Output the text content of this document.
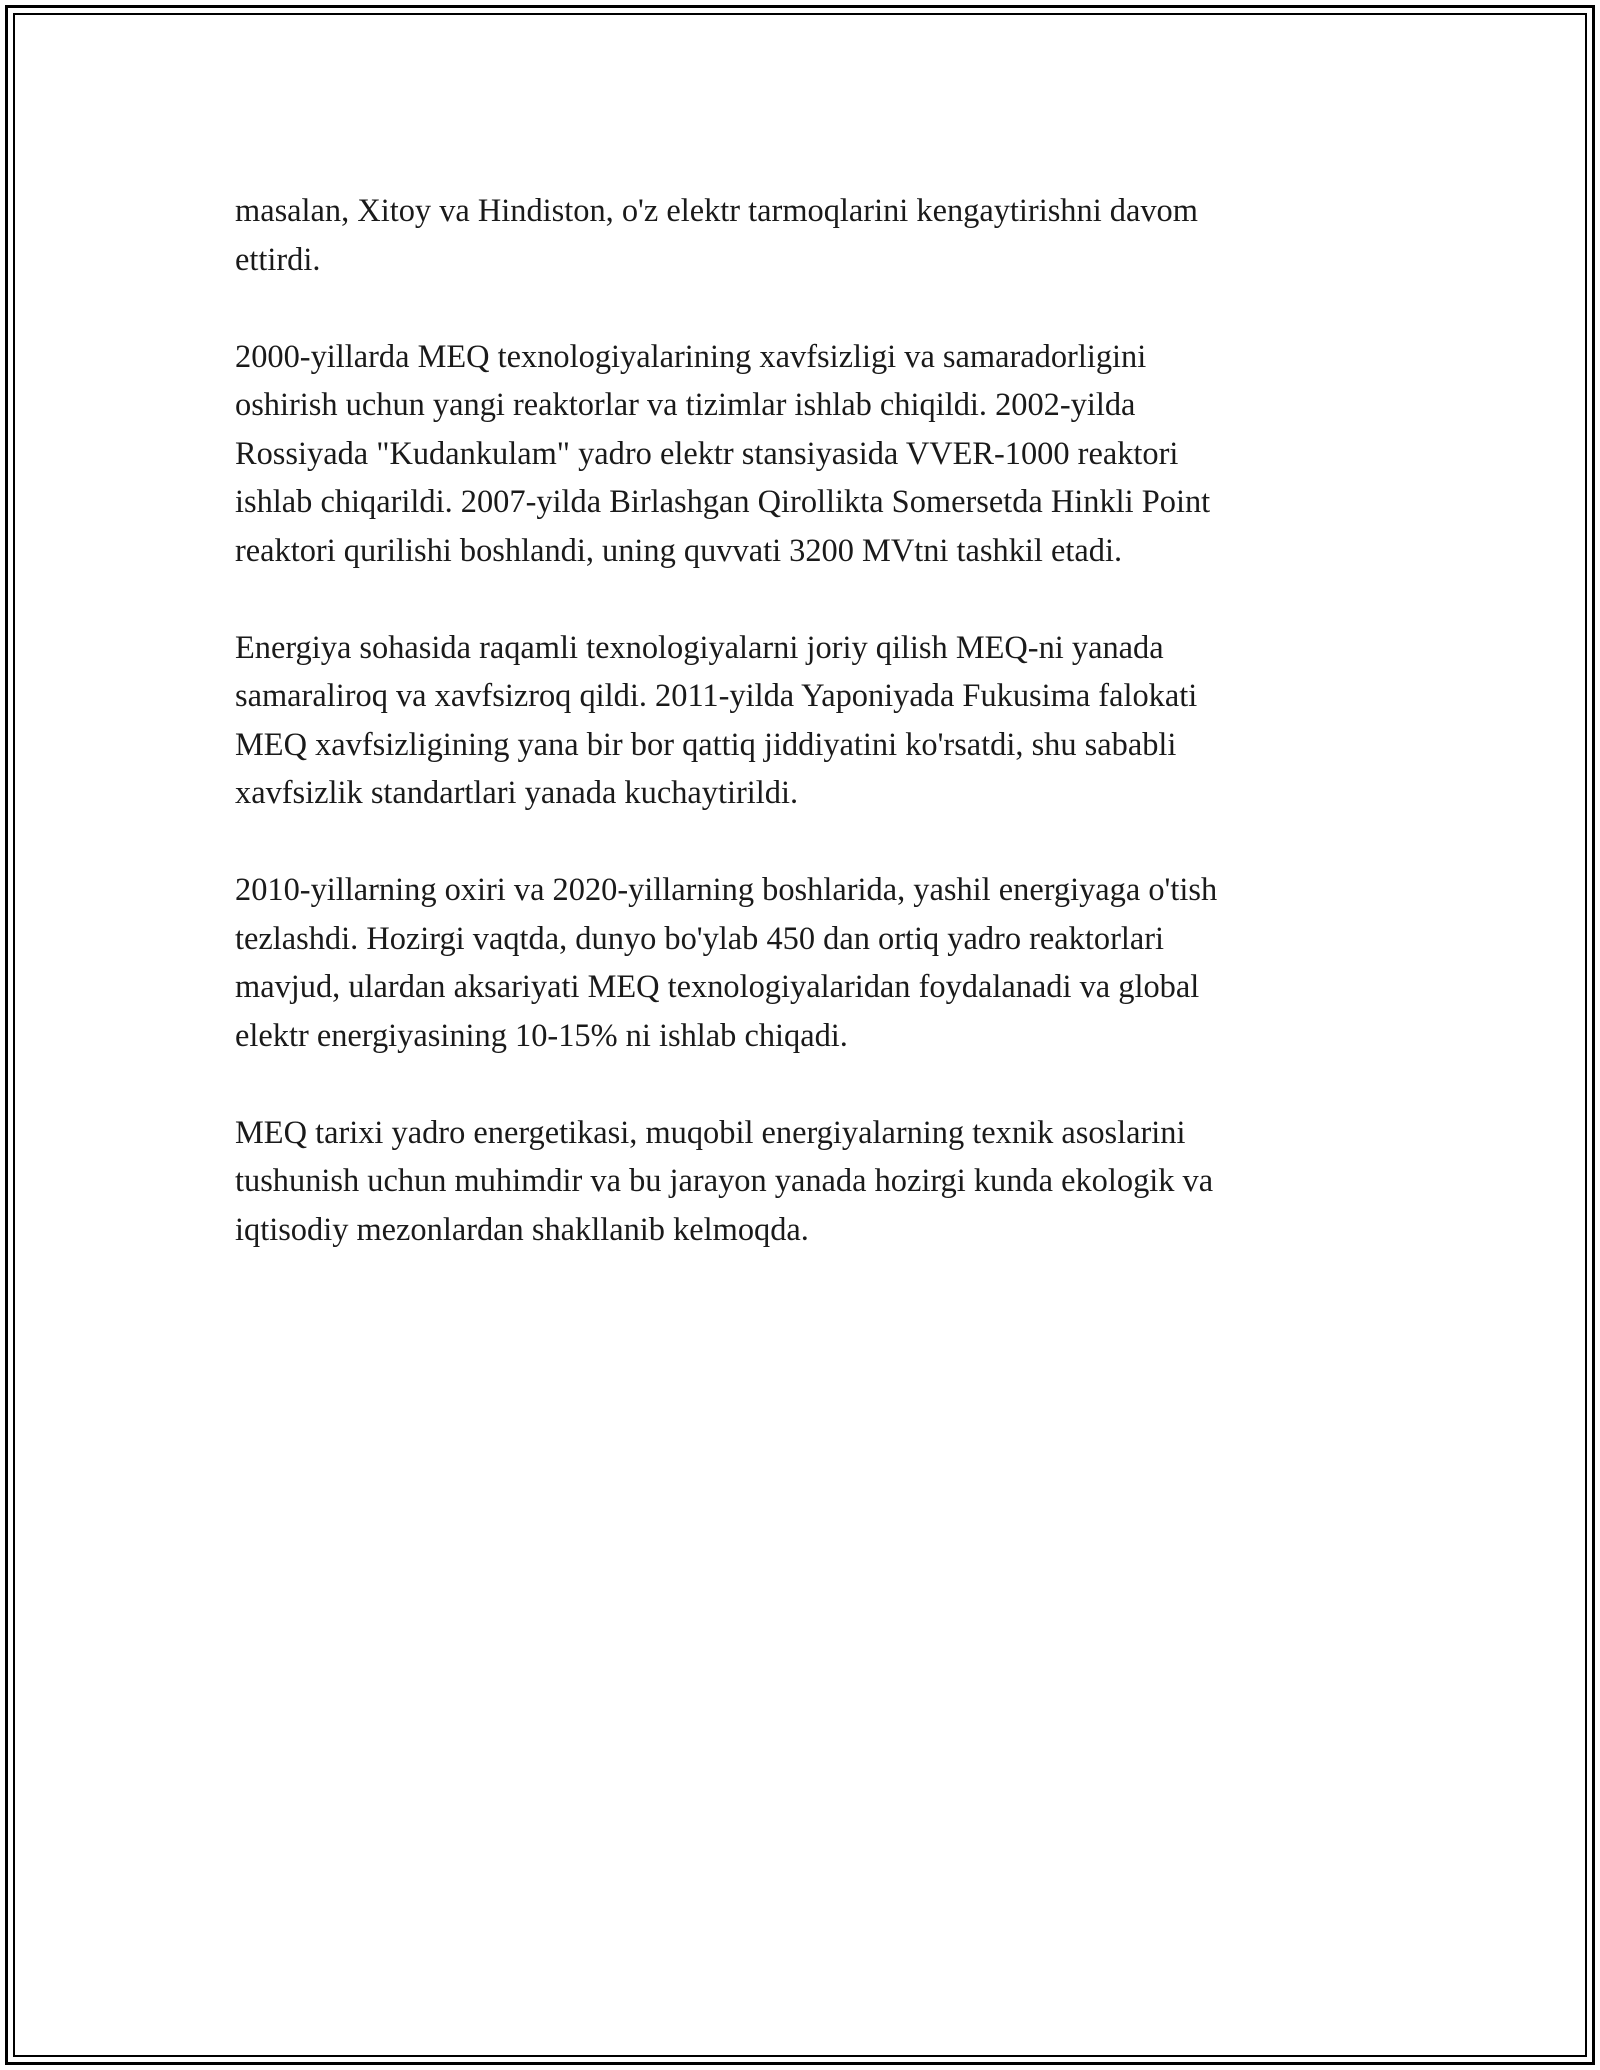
masalan, Xitoy va Hindiston, o'z elektr tarmoqlarini kengaytirishni davom
ettirdi.

2000-yillarda MEQ texnologiyalarining xavfsizligi va samaradorligini
oshirish uchun yangi reaktorlar va tizimlar ishlab chiqildi. 2002-yilda
Rossiyada "Kudankulam" yadro elektr stansiyasida VVER-1000 reaktori
ishlab chiqarildi. 2007-yilda Birlashgan Qirollikta Somersetda Hinkli Point
reaktori qurilishi boshlandi, uning quvvati 3200 MVtni tashkil etadi.

Energiya sohasida raqamli texnologiyalarni joriy qilish MEQ-ni yanada
samaraliroq va xavfsizroq qildi. 2011-yilda Yaponiyada Fukusima falokati
MEQ xavfsizligining yana bir bor qattiq jiddiyatini ko'rsatdi, shu sababli
xavfsizlik standartlari yanada kuchaytirildi.

2010-yillarning oxiri va 2020-yillarning boshlarida, yashil energiyaga o'tish
tezlashdi. Hozirgi vaqtda, dunyo bo'ylab 450 dan ortiq yadro reaktorlari
mavjud, ulardan aksariyati MEQ texnologiyalaridan foydalanadi va global
elektr energiyasining 10-15% ni ishlab chiqadi.

MEQ tarixi yadro energetikasi, muqobil energiyalarning texnik asoslarini
tushunish uchun muhimdir va bu jarayon yanada hozirgi kunda ekologik va
iqtisodiy mezonlardan shakllanib kelmoqda.
